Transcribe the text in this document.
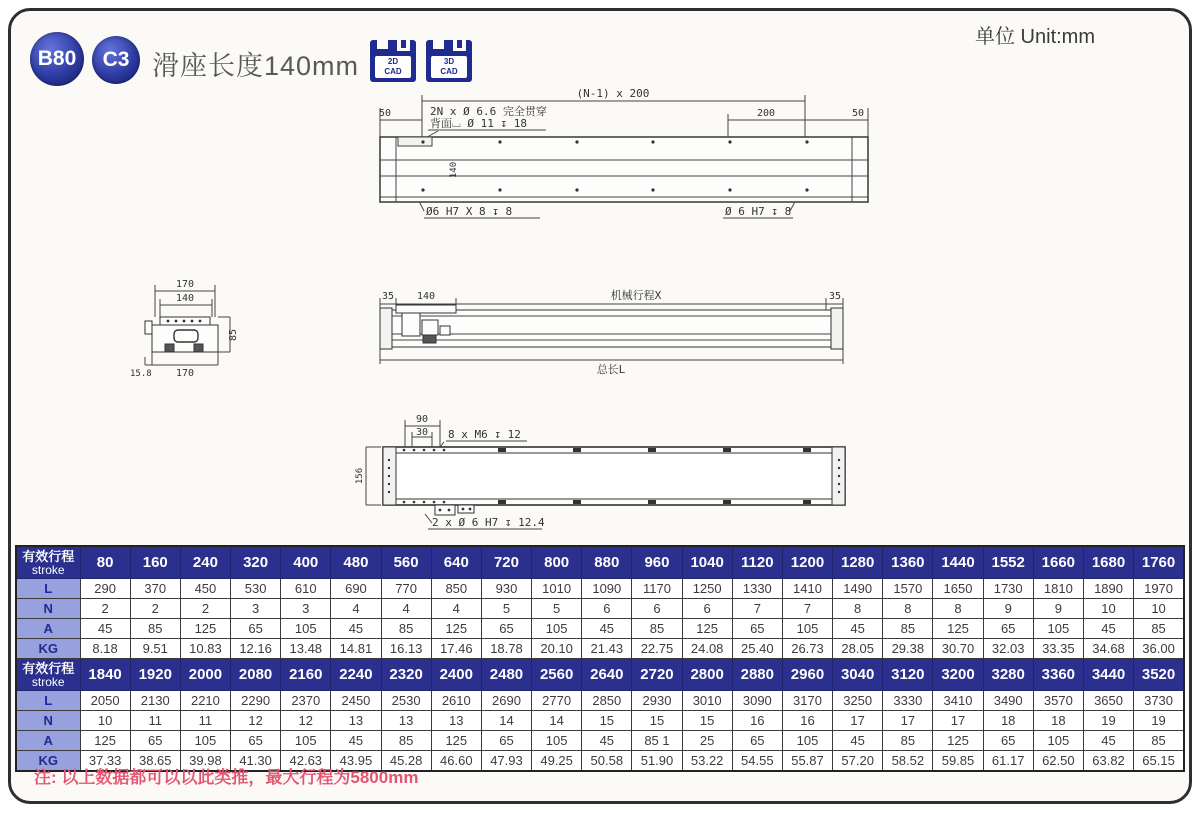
B80	C3 滑座长度140mm	2D
CAD
3D
CAD
单位 Unit:mm
(N-1) x 200
50	200	50
2N x Ø 6.6 完全贯穿
背面⌴ Ø 11 ↧ 18
140
Ø6 H7 X 8 ↧ 8	Ø 6 H7 ↧ 8
170
140
85
170
15.8
35 140	机械行程X	35
总长L
90
30 8 x M6 ↧ 12
156
2 x Ø 6 H7 ↧ 12.4
有效行程
stroke	80	160	240	320	400	480	560	640	720	800	880	960	1040	1120	1200	1280	1360	1440	1552	1660	1680	1760
L	290	370	450	530	610	690	770	850	930	1010	1090	1170	1250	1330	1410	1490	1570	1650	1730	1810	1890	1970
N	2	2	2	3	3	4	4	4	5	5	6	6	6	7	7	8	8	8	9	9	10	10
A	45	85	125	65	105	45	85	125	65	105	45	85	125	65	105	45	85	125	65	105	45	85
KG	8.18	9.51	10.83	12.16	13.48	14.81	16.13	17.46	18.78	20.10	21.43	22.75	24.08	25.40	26.73	28.05	29.38	30.70	32.03	33.35	34.68	36.00

有效行程
stroke	1840	1920	2000	2080	2160	2240	2320	2400	2480	2560	2640	2720	2800	2880	2960	3040	3120	3200	3280	3360	3440	3520
L	2050	2130	2210	2290	2370	2450	2530	2610	2690	2770	2850	2930	3010	3090	3170	3250	3330	3410	3490	3570	3650	3730
N	10	11	11	12	12	13	13	13	14	14	15	15	15	16	16	17	17	17	18	18	19	19
A	125	65	105	65	105	45	85	125	65	105	45	85 1	25	65	105	45	85	125	65	105	45	85
KG	37.33	38.65	39.98	41.30	42.63	43.95	45.28	46.60	47.93	49.25	50.58	51.90	53.22	54.55	55.87	57.20	58.52	59.85	61.17	62.50	63.82	65.15
注: 以上数据都可以以此类推，最大行程为5800mm
